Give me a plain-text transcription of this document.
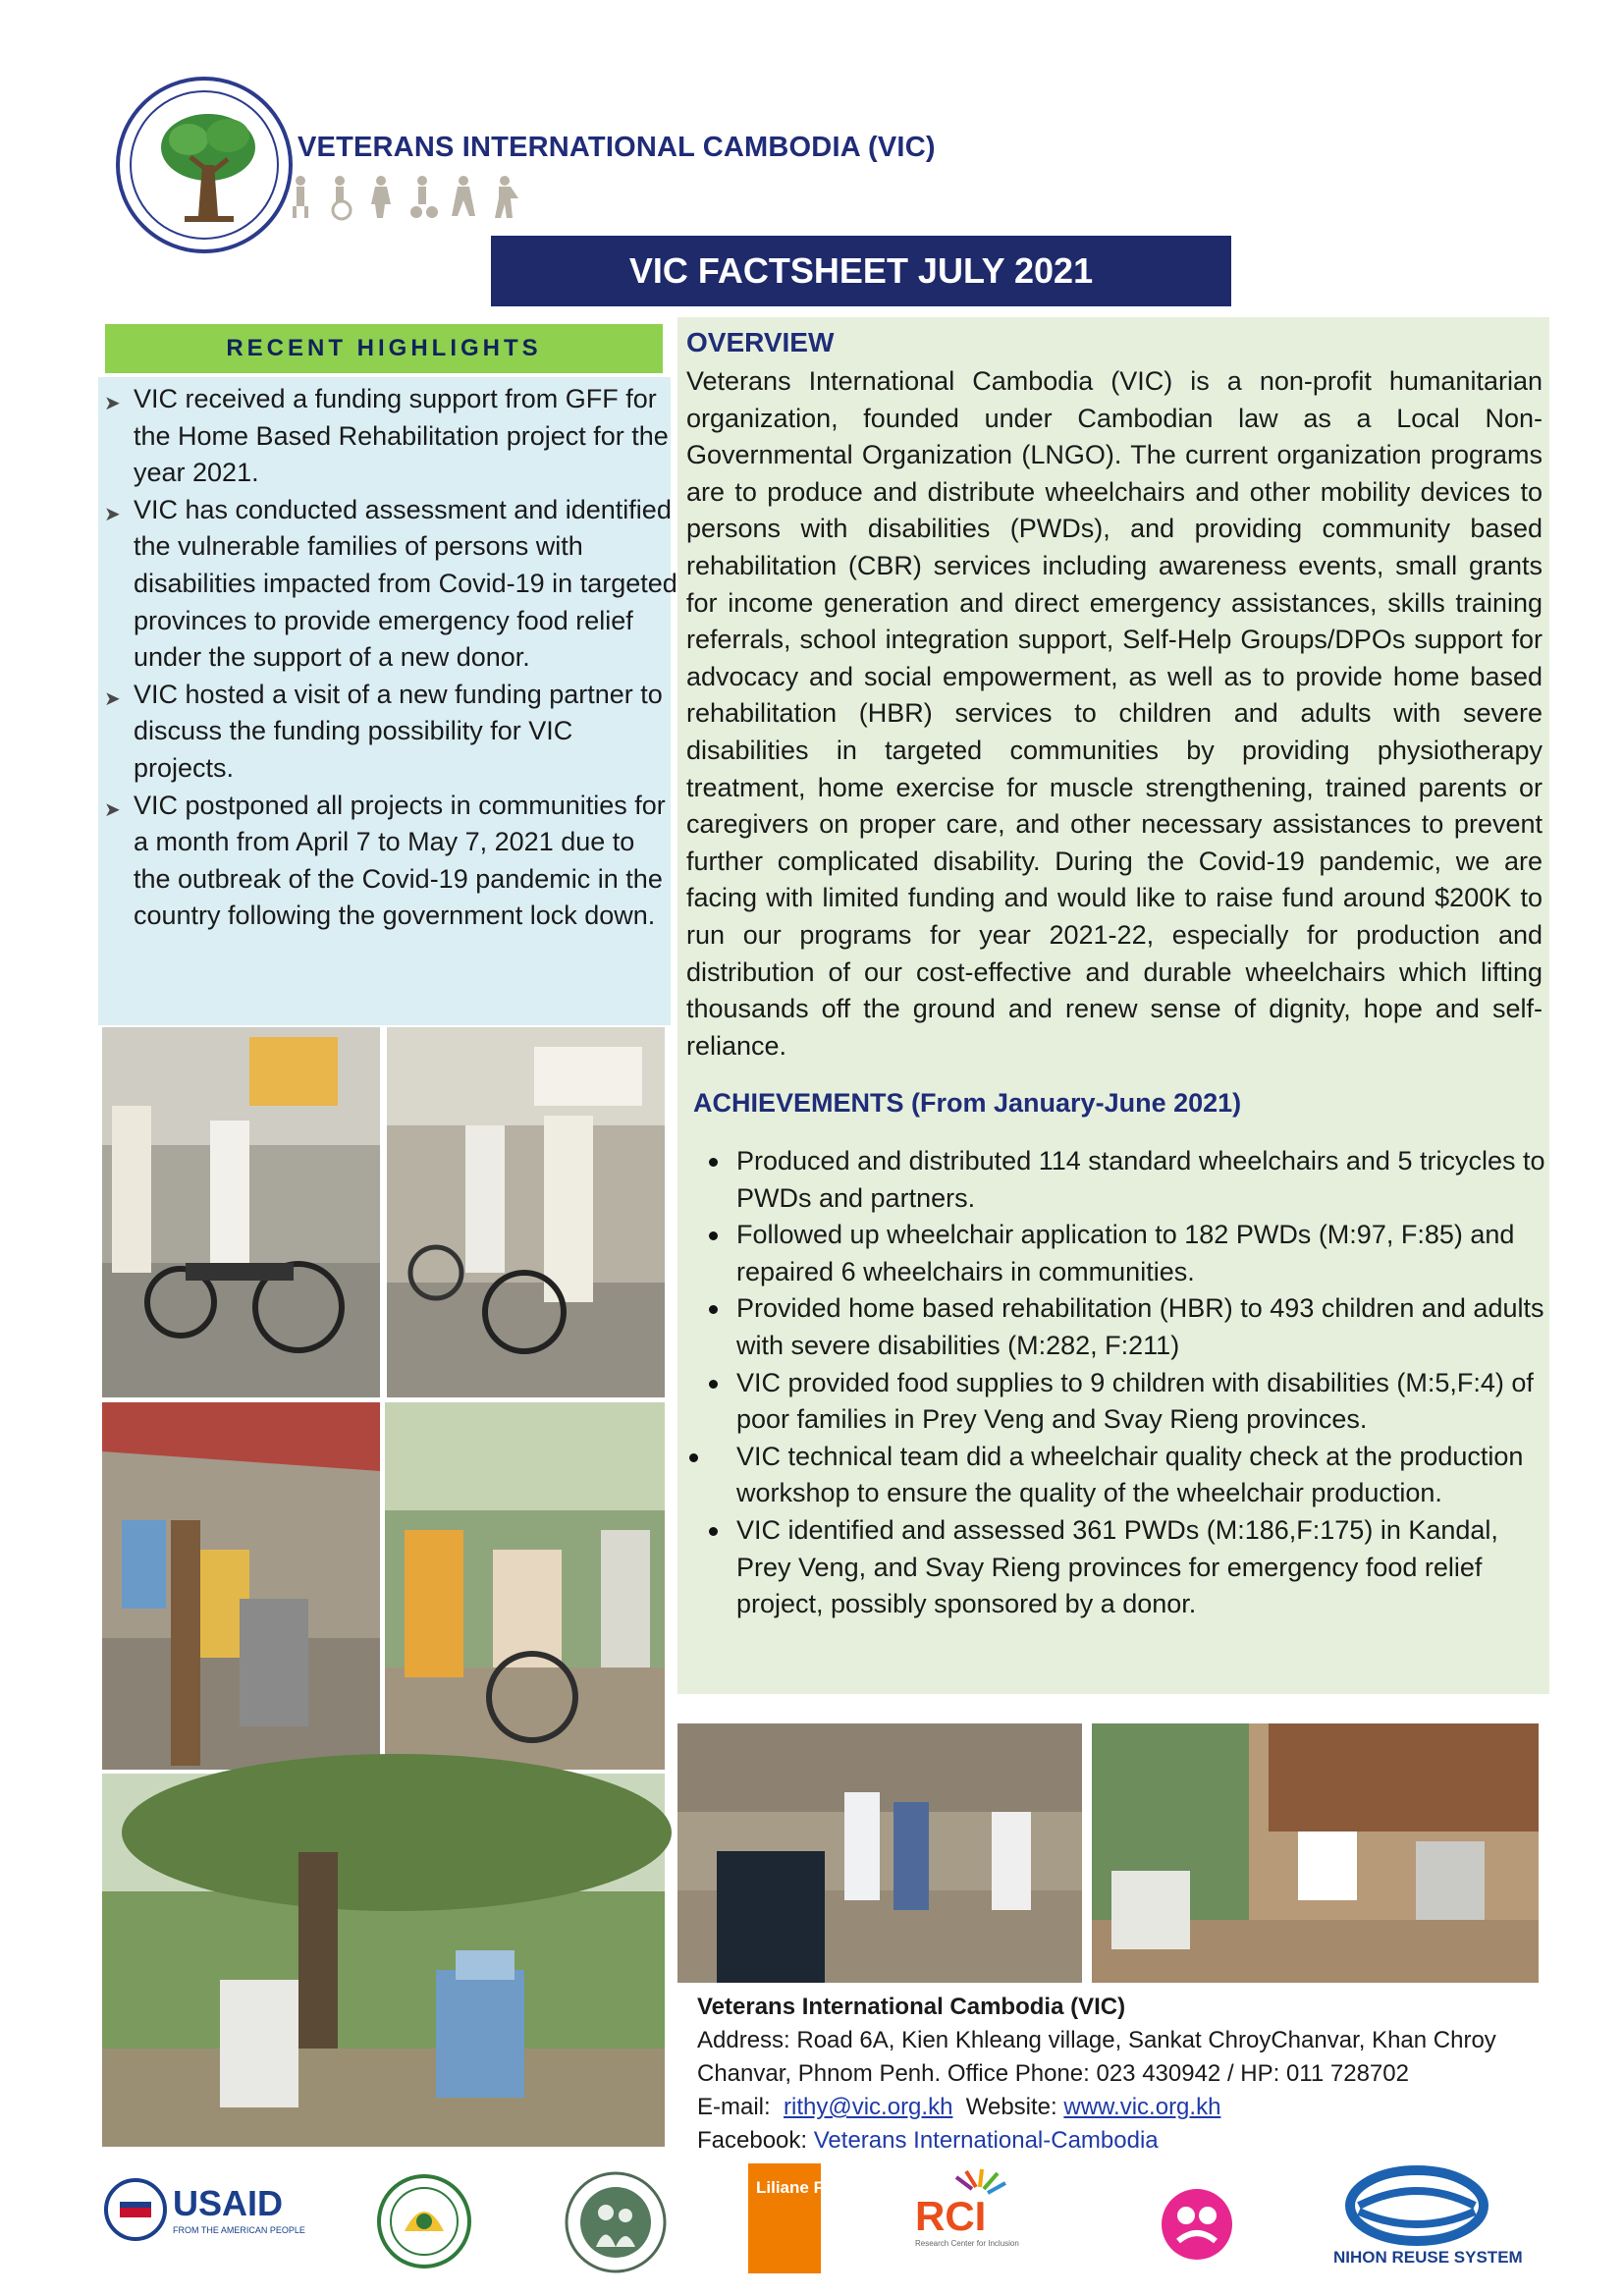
VETERANS INTERNATIONAL CAMBODIA (VIC)
VIC FACTSHEET JULY 2021
RECENT HIGHLIGHTS
➤ VIC received a funding support from GFF for the Home Based Rehabilitation project for the year 2021.
➤ VIC has conducted assessment and identified the vulnerable families of persons with disabilities impacted from Covid-19 in targeted provinces to provide emergency food relief under the support of a new donor.
➤ VIC hosted a visit of a new funding partner to discuss the funding possibility for VIC projects.
➤ VIC postponed all projects in communities for a month from April 7 to May 7, 2021 due to the outbreak of the Covid-19 pandemic in the country following the government lock down.
OVERVIEW

Veterans International Cambodia (VIC) is a non-profit humanitarian organization, founded under Cambodian law as a Local Non-Governmental Organization (LNGO). The current organization programs are to produce and distribute wheelchairs and other mobility devices to persons with disabilities (PWDs), and providing community based rehabilitation (CBR) services including awareness events, small grants for income generation and direct emergency assistances, skills training referrals, school integration support, Self-Help Groups/DPOs support for advocacy and social empowerment, as well as to provide home based rehabilitation (HBR) services to children and adults with severe disabilities in targeted communities by providing physiotherapy treatment, home exercise for muscle strengthening, trained parents or caregivers on proper care, and other necessary assistances to prevent further complicated disability. During the Covid-19 pandemic, we are facing with limited funding and would like to raise fund around $200K to run our programs for year 2021-22, especially for production and distribution of our cost-effective and durable wheelchairs which lifting thousands off the ground and renew sense of dignity, hope and self-reliance.

ACHIEVEMENTS (From January-June 2021)
Produced and distributed 114 standard wheelchairs and 5 tricycles to PWDs and partners.
Followed up wheelchair application to 182 PWDs (M:97, F:85) and repaired 6 wheelchairs in communities.
Provided home based rehabilitation (HBR) to 493 children and adults with severe disabilities (M:282, F:211)
VIC provided food supplies to 9 children with disabilities (M:5,F:4) of poor families in Prey Veng and Svay Rieng provinces.
VIC technical team did a wheelchair quality check at the production workshop to ensure the quality of the wheelchair production.
VIC identified and assessed 361 PWDs (M:186,F:175) in Kandal, Prey Veng, and Svay Rieng provinces for emergency food relief project, possibly sponsored by a donor.
Veterans International Cambodia (VIC)
Address: Road 6A, Kien Khleang village, Sankat ChroyChanvar, Khan Chroy Chanvar, Phnom Penh. Office Phone: 023 430942 / HP: 011 728702
E-mail: rithy@vic.org.kh Website: www.vic.org.kh
Facebook: Veterans International-Cambodia
USAID
FROM THE AMERICAN PEOPLE
Liliane Fonds
RCI
Research Center for Inclusion
NIHON REUSE SYSTEM
